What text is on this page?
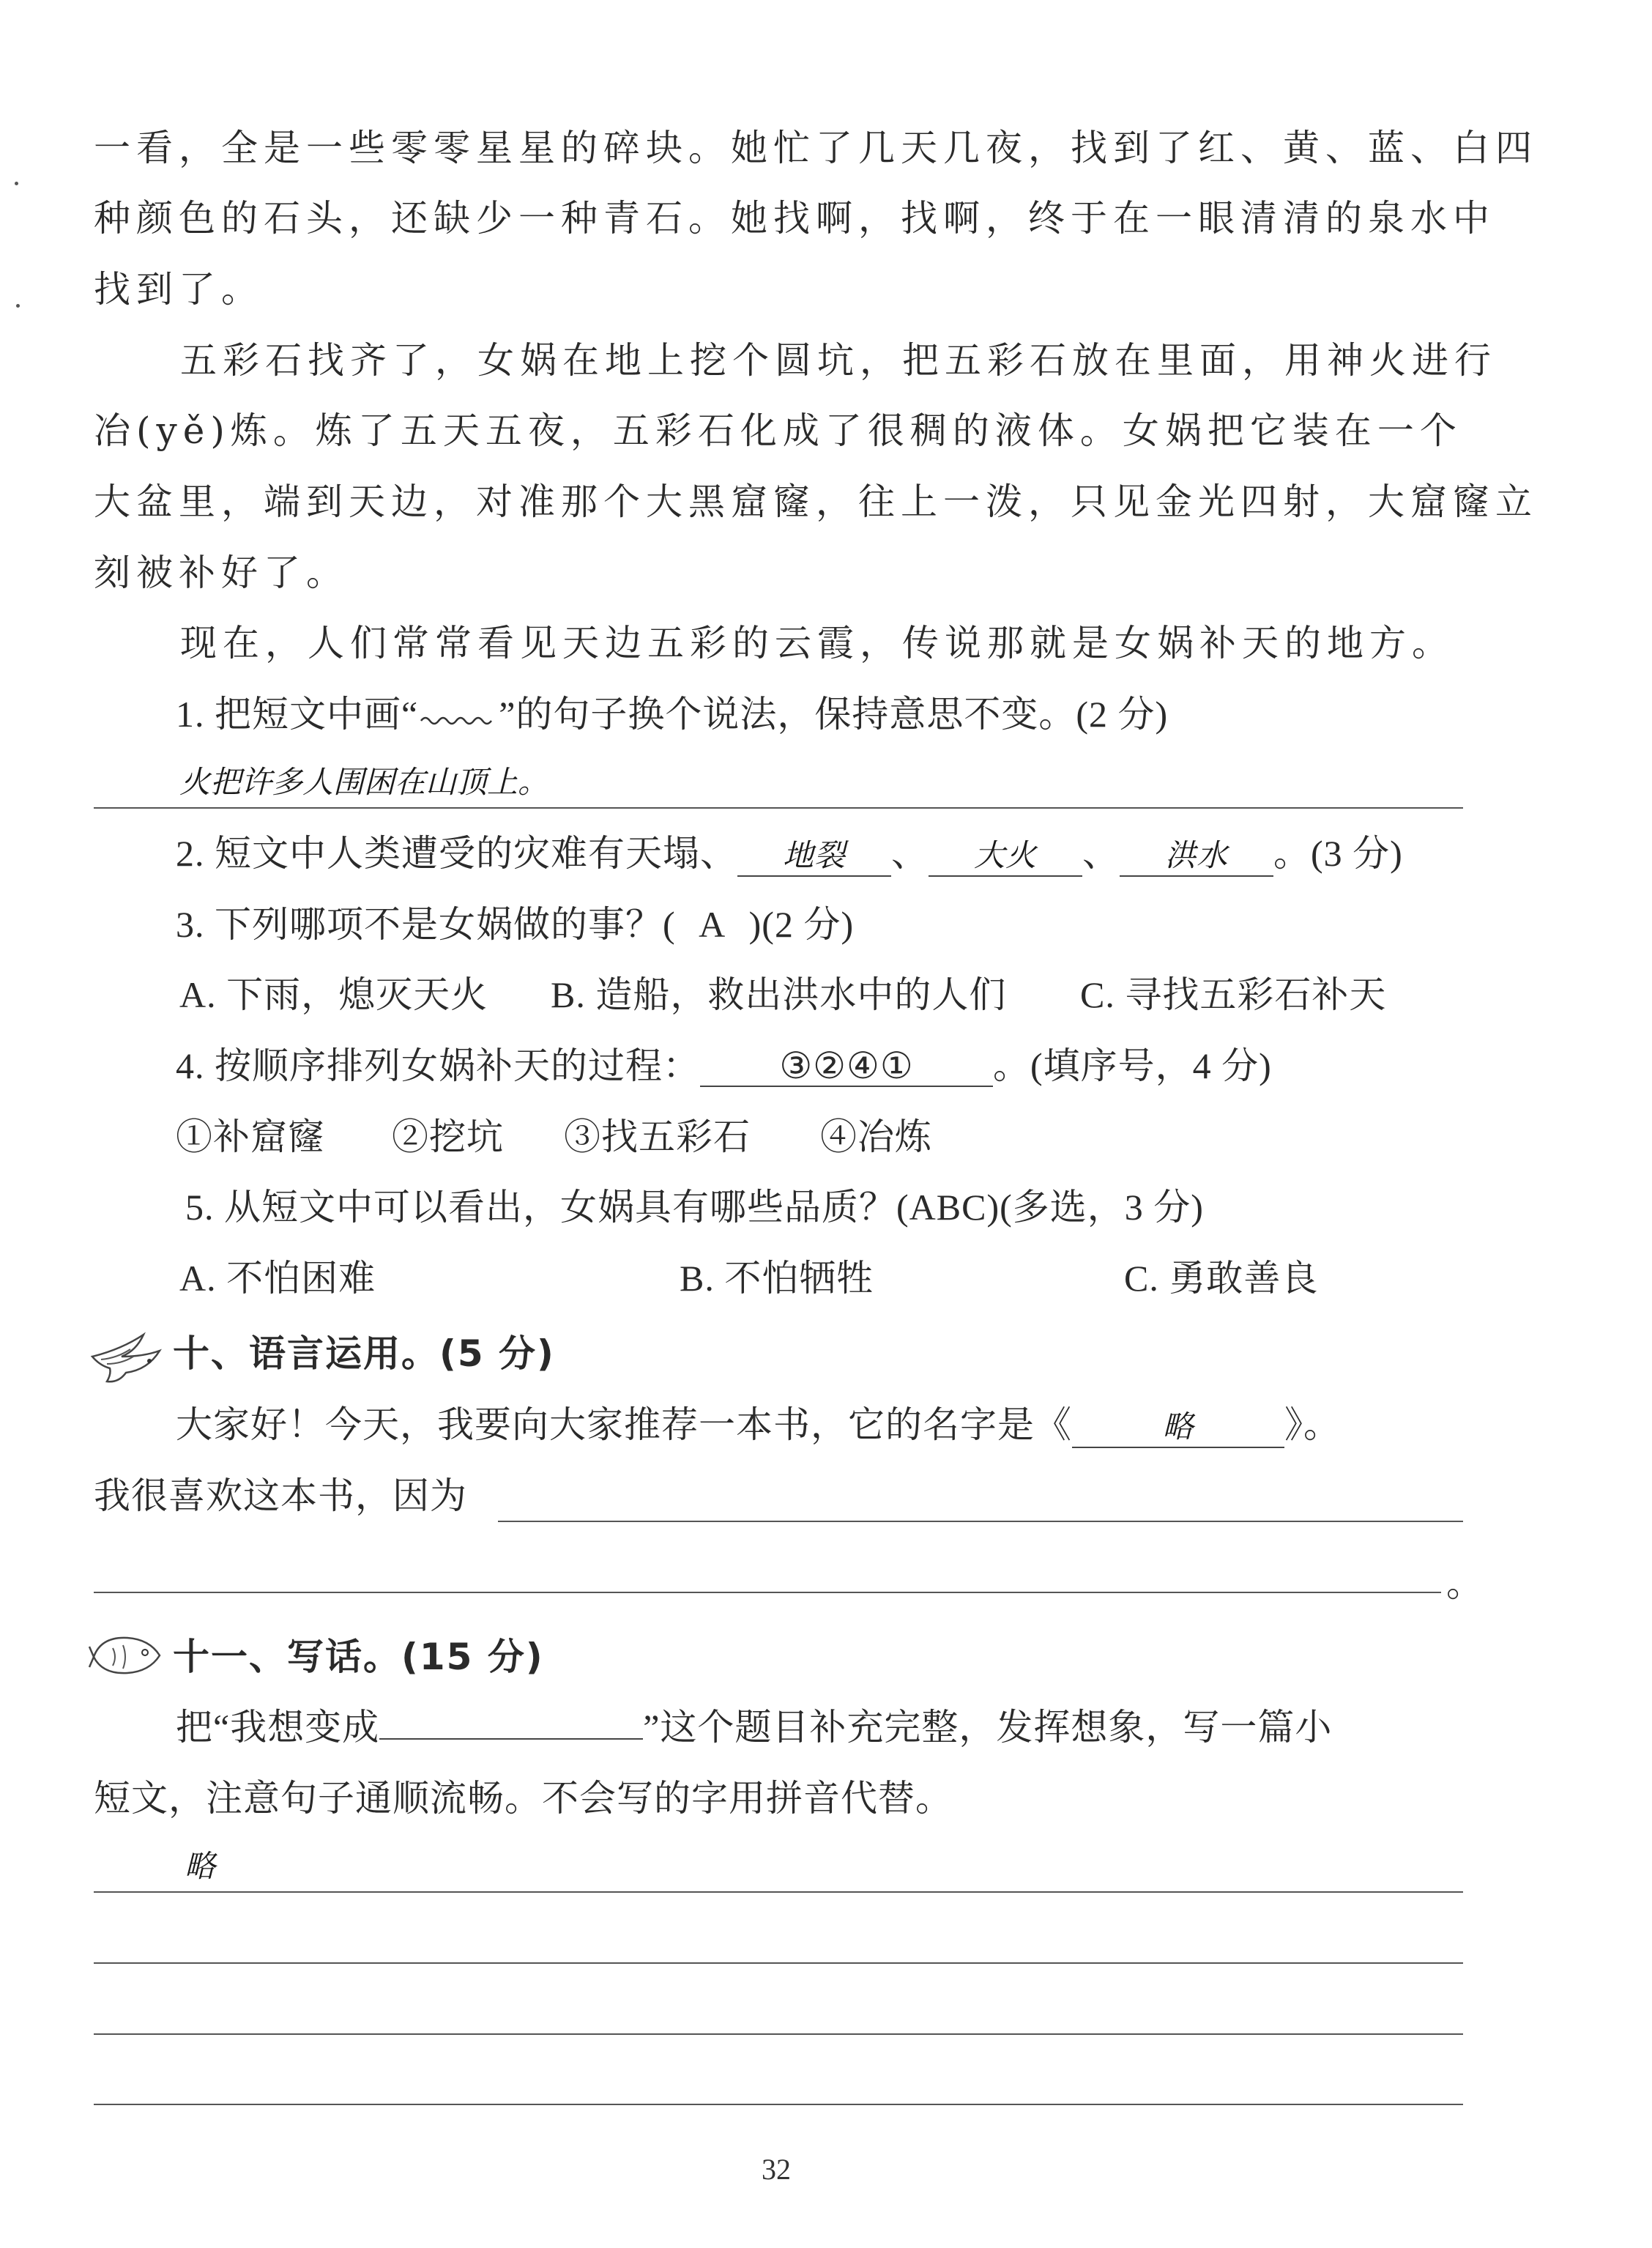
一看，全是一些零零星星的碎块。她忙了几天几夜，找到了红、黄、蓝、白四
种颜色的石头，还缺少一种青石。她找啊，找啊，终于在一眼清清的泉水中
找到了。
五彩石找齐了，女娲在地上挖个圆坑，把五彩石放在里面，用神火进行
冶(yě)炼。炼了五天五夜，五彩石化成了很稠的液体。女娲把它装在一个
大盆里，端到天边，对准那个大黑窟窿，往上一泼，只见金光四射，大窟窿立
刻被补好了。
现在，人们常常看见天边五彩的云霞，传说那就是女娲补天的地方。
1. 把短文中画“ ”的句子换个说法，保持意思不变。(2 分)
火把许多人围困在山顶上。
2. 短文中人类遭受的灾难有天塌、 地裂 、 大火 、 洪水 。(3 分)
3. 下列哪项不是女娲做的事？( A )(2 分)
A. 下雨，熄灭天火 B. 造船，救出洪水中的人们 C. 寻找五彩石补天
4. 按顺序排列女娲补天的过程： ③②④① 。(填序号，4 分)
①补窟窿 ②挖坑 ③找五彩石 ④冶炼
5. 从短文中可以看出，女娲具有哪些品质？(ABC)(多选，3 分)
A. 不怕困难	B. 不怕牺牲	C. 勇敢善良
十、语言运用。(5 分)
大家好！今天，我要向大家推荐一本书，它的名字是《	略 》。
我很喜欢这本书，因为
。
十一、写话。(15 分)
把“我想变成	”这个题目补充完整，发挥想象，写一篇小
短文，注意句子通顺流畅。不会写的字用拼音代替。
略
32
